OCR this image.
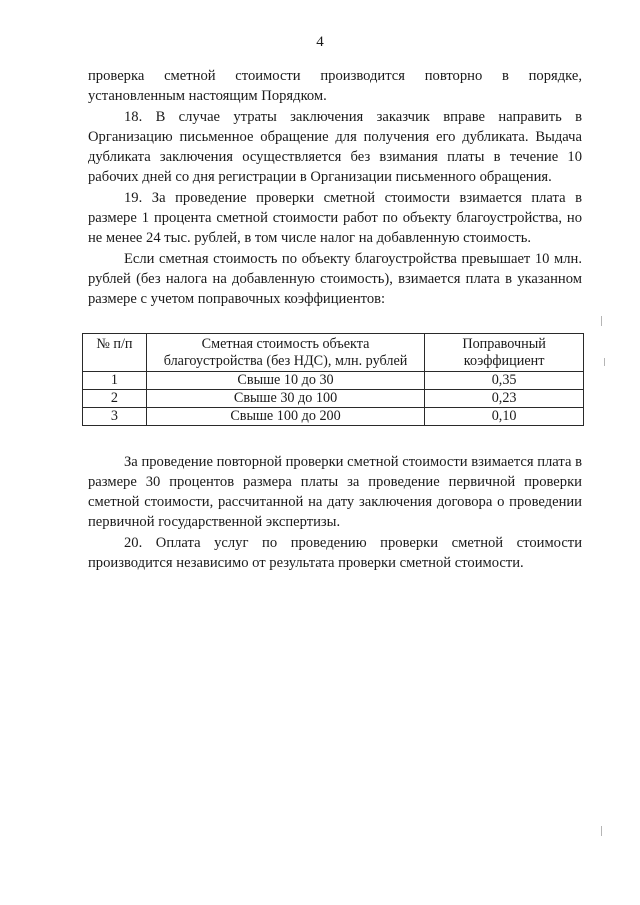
4

проверка сметной стоимости производится повторно в порядке, установленным настоящим Порядком.

18. В случае утраты заключения заказчик вправе направить в Организацию письменное обращение для получения его дубликата. Выдача дубликата заключения осуществляется без взимания платы в течение 10 рабочих дней со дня регистрации в Организации письменного обращения.

19. За проведение проверки сметной стоимости взимается плата в размере 1 процента сметной стоимости работ по объекту благоустройства, но не менее 24 тыс. рублей, в том числе налог на добавленную стоимость.

Если сметная стоимость по объекту благоустройства превышает 10 млн. рублей (без налога на добавленную стоимость), взимается плата в указанном размере с учетом поправочных коэффициентов:

№ п/п	Сметная стоимость объекта благоустройства (без НДС), млн. рублей	Поправочный коэффициент
1	Свыше 10 до 30	0,35
2	Свыше 30 до 100	0,23
3	Свыше 100 до 200	0,10

За проведение повторной проверки сметной стоимости взимается плата в размере 30 процентов размера платы за проведение первичной проверки сметной стоимости, рассчитанной на дату заключения договора о проведении первичной государственной экспертизы.

20. Оплата услуг по проведению проверки сметной стоимости производится независимо от результата проверки сметной стоимости.
